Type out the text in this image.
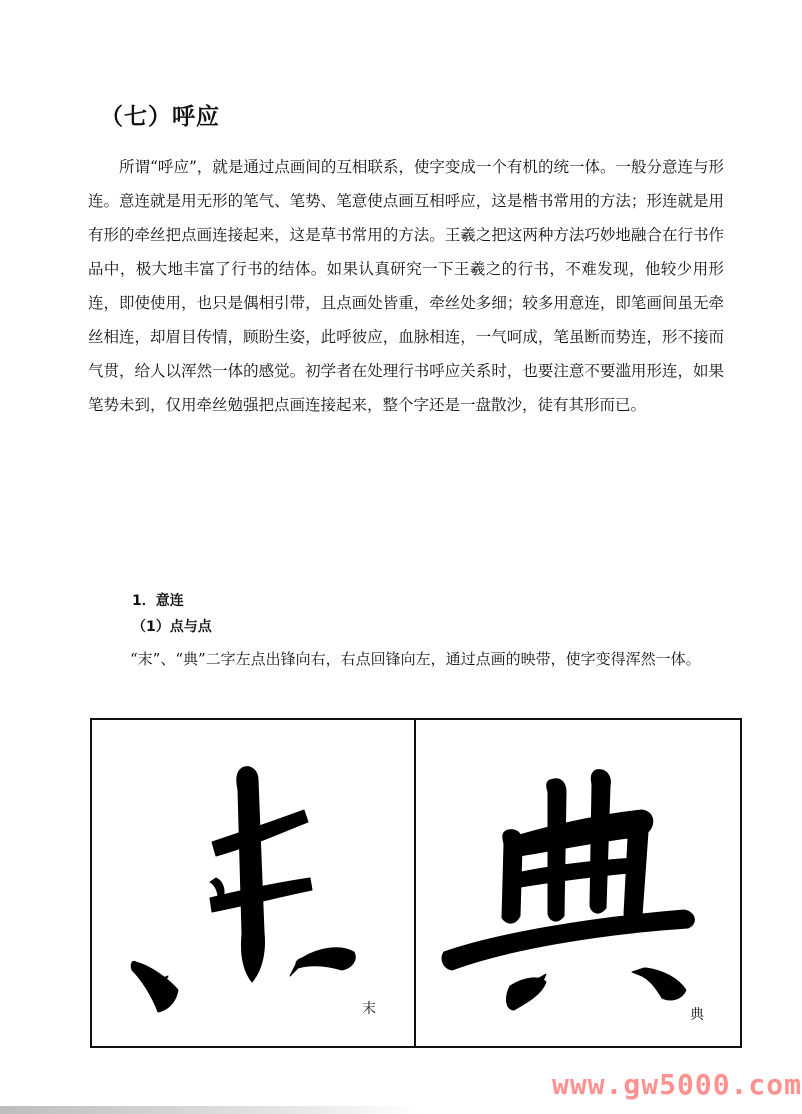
（七）呼应

所谓“呼应”，就是通过点画间的互相联系，使字变成一个有机的统一体。一般分意连与形连。意连就是用无形的笔气、笔势、笔意使点画互相呼应，这是楷书常用的方法；形连就是用有形的牵丝把点画连接起来，这是草书常用的方法。王羲之把这两种方法巧妙地融合在行书作品中，极大地丰富了行书的结体。如果认真研究一下王羲之的行书，不难发现，他较少用形连，即使使用，也只是偶相引带，且点画处皆重，牵丝处多细；较多用意连，即笔画间虽无牵丝相连，却眉目传情，顾盼生姿，此呼彼应，血脉相连，一气呵成，笔虽断而势连，形不接而气贯，给人以浑然一体的感觉。初学者在处理行书呼应关系时，也要注意不要滥用形连，如果笔势未到，仅用牵丝勉强把点画连接起来，整个字还是一盘散沙，徒有其形而已。

1．意连
（1）点与点

“末”、“典”二字左点出锋向右，右点回锋向左，通过点画的映带，使字变得浑然一体。

末	典
www.gw5000.com
